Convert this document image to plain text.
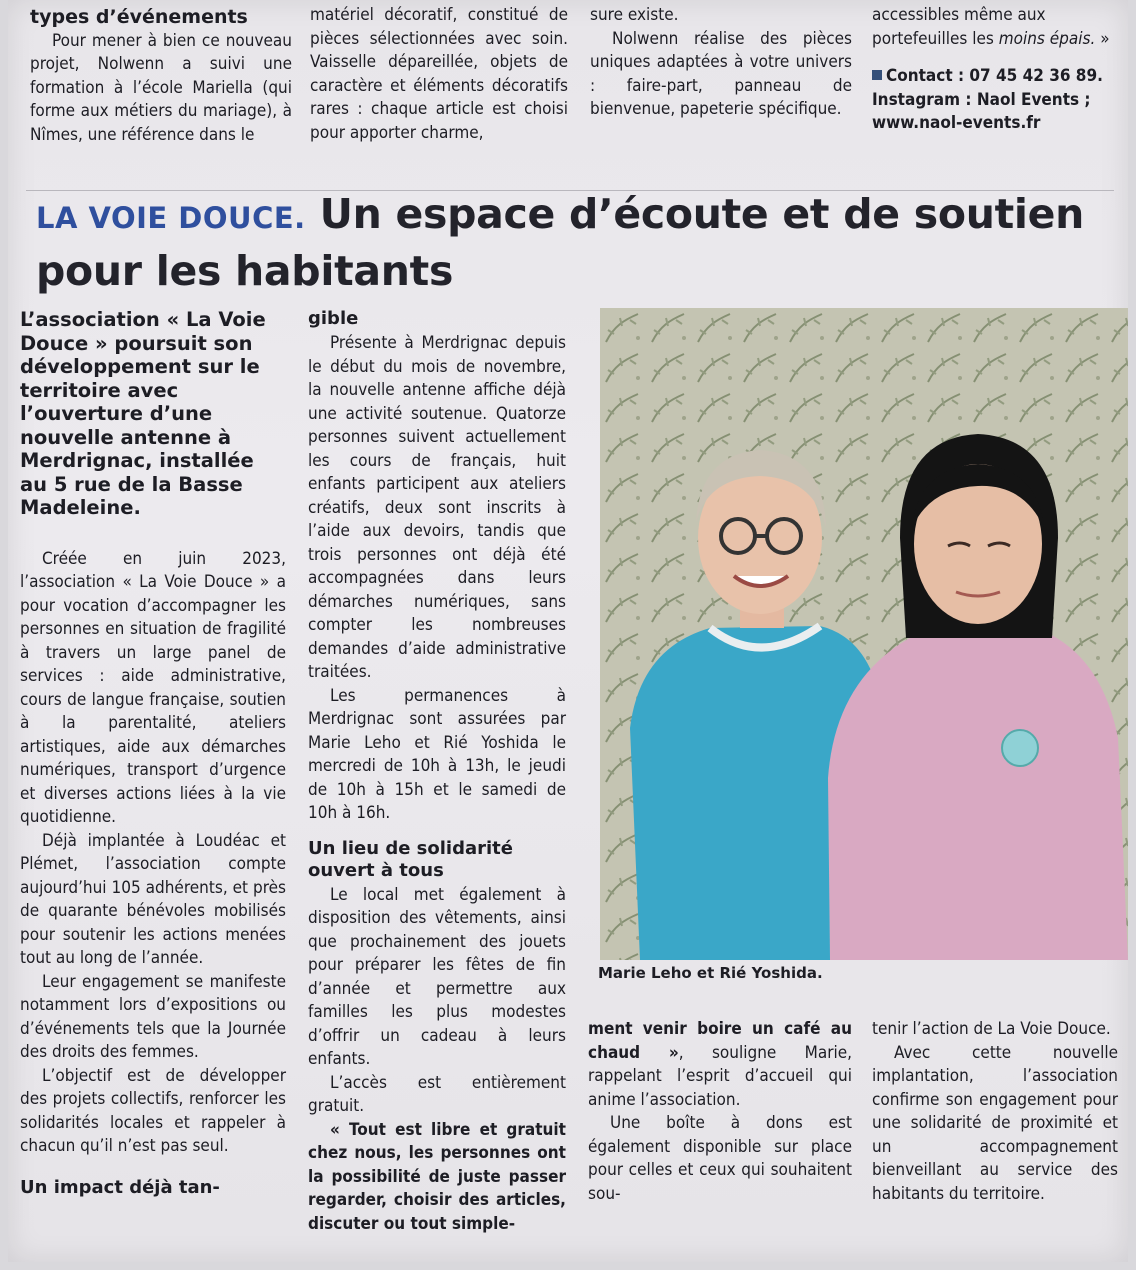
types d’événements

Pour mener à bien ce nouveau projet, Nolwenn a suivi une formation à l’école Mariella (qui forme aux métiers du mariage), à Nîmes, une référence dans le

matériel décoratif, constitué de pièces sélectionnées avec soin. Vaisselle dépareillée, objets de caractère et éléments décoratifs rares : chaque article est choisi pour apporter charme,

sure existe.

Nolwenn réalise des pièces uniques adaptées à votre univers : faire-part, panneau de bienvenue, papeterie spécifique.

accessibles même aux portefeuilles les moins épais. »

Contact : 07 45 42 36 89.

Instagram : Naol Events ;

www.naol-events.fr

LA VOIE DOUCE. Un espace d’écoute et de soutien pour les habitants

L’association « La Voie Douce » poursuit son développement sur le territoire avec l’ouverture d’une nouvelle antenne à Merdrignac, installée au 5 rue de la Basse Madeleine.

Créée en juin 2023, l’association « La Voie Douce » a pour vocation d’accompagner les personnes en situation de fragilité à travers un large panel de services : aide administrative, cours de langue française, soutien à la parentalité, ateliers artistiques, aide aux démarches numériques, transport d’urgence et diverses actions liées à la vie quotidienne.

Déjà implantée à Loudéac et Plémet, l’association compte aujourd’hui 105 adhérents, et près de quarante bénévoles mobilisés pour soutenir les actions menées tout au long de l’année.

Leur engagement se manifeste notamment lors d’expositions ou d’événements tels que la Journée des droits des femmes.

L’objectif est de développer des projets collectifs, renforcer les solidarités locales et rappeler à chacun qu’il n’est pas seul.

Un impact déjà tan-
gible

Présente à Merdrignac depuis le début du mois de novembre, la nouvelle antenne affiche déjà une activité soutenue. Quatorze personnes suivent actuellement les cours de français, huit enfants participent aux ateliers créatifs, deux sont inscrits à l’aide aux devoirs, tandis que trois personnes ont déjà été accompagnées dans leurs démarches numériques, sans compter les nombreuses demandes d’aide administrative traitées.

Les permanences à Merdrignac sont assurées par Marie Leho et Rié Yoshida le mercredi de 10h à 13h, le jeudi de 10h à 15h et le samedi de 10h à 16h.

Un lieu de solidarité ouvert à tous

Le local met également à disposition des vêtements, ainsi que prochainement des jouets pour préparer les fêtes de fin d’année et permettre aux familles les plus modestes d’offrir un cadeau à leurs enfants.

L’accès est entièrement gratuit.

« Tout est libre et gratuit chez nous, les personnes ont la possibilité de juste passer regarder, choisir des articles, discuter ou tout simple-

Marie Leho et Rié Yoshida.

ment venir boire un café au chaud », souligne Marie, rappelant l’esprit d’accueil qui anime l’association.

Une boîte à dons est également disponible sur place pour celles et ceux qui souhaitent sou-

tenir l’action de La Voie Douce.

Avec cette nouvelle implantation, l’association confirme son engagement pour une solidarité de proximité et un accompagnement bienveillant au service des habitants du territoire.
